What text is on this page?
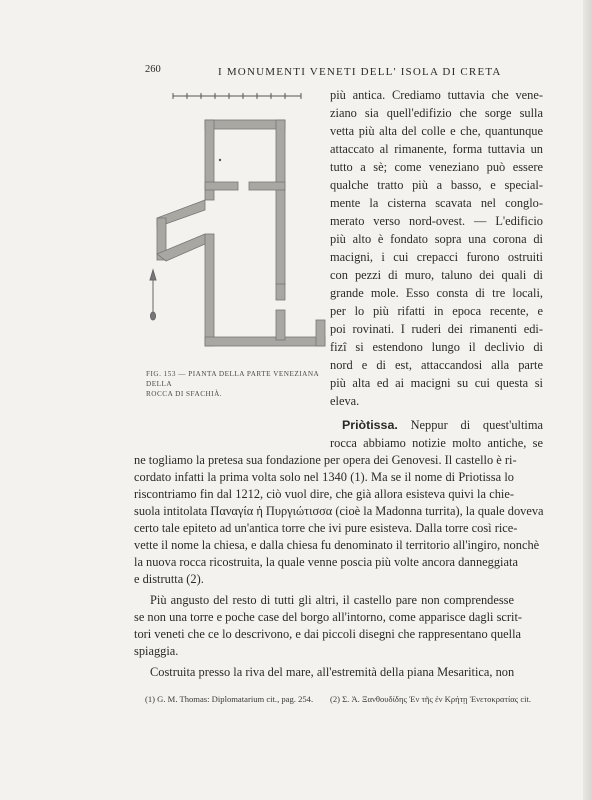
260	I MONUMENTI VENETI DELL' ISOLA DI CRETA
FIG. 153 — PIANTA DELLA PARTE VENEZIANA DELLA
ROCCA DI SFACHIÀ.
più antica. Crediamo tuttavia che vene-
ziano sia quell'edifizio che sorge sulla
vetta più alta del colle e che, quantunque
attaccato al rimanente, forma tuttavia un
tutto a sè; come veneziano può essere
qualche tratto più a basso, e special-
mente la cisterna scavata nel conglo-
merato verso nord-ovest. — L'edificio
più alto è fondato sopra una corona di
macigni, i cui crepacci furono ostruiti
con pezzi di muro, taluno dei quali di
grande mole. Esso consta di tre locali,
per lo più rifatti in epoca recente, e
poi rovinati. I ruderi dei rimanenti edi-
fizî si estendono lungo il declivio di
nord e di est, attaccandosi alla parte
più alta ed ai macigni su cui questa si
eleva.
Priòtissa. Neppur di quest'ultima
rocca abbiamo notizie molto antiche, se
ne togliamo la pretesa sua fondazione per opera dei Genovesi. Il castello è ri-
cordato infatti la prima volta solo nel 1340 (1). Ma se il nome di Priotissa lo
riscontriamo fin dal 1212, ciò vuol dire, che già allora esisteva quivi la chie-
suola intitolata Παναγία ἡ Πυργιώτισσα (cioè la Madonna turrita), la quale doveva
certo tale epiteto ad un'antica torre che ivi pure esisteva. Dalla torre così rice-
vette il nome la chiesa, e dalla chiesa fu denominato il territorio all'ingiro, nonchè
la nuova rocca ricostruita, la quale venne poscia più volte ancora danneggiata
e distrutta (2).
Più angusto del resto di tutti gli altri, il castello pare non comprendesse
se non una torre e poche case del borgo all'intorno, come apparisce dagli scrit-
tori veneti che ce lo descrivono, e dai piccoli disegni che rappresentano quella
spiaggia.
Costruita presso la riva del mare, all'estremità della piana Mesaritica, non
(1) G. M. Thomas: Diplomatarium cit., pag. 254. (2) Σ. Ἀ. Ξανθουδίδης Ἐν τῆς ἐν Κρήτῃ Ἐνετοκρατίας cit.
